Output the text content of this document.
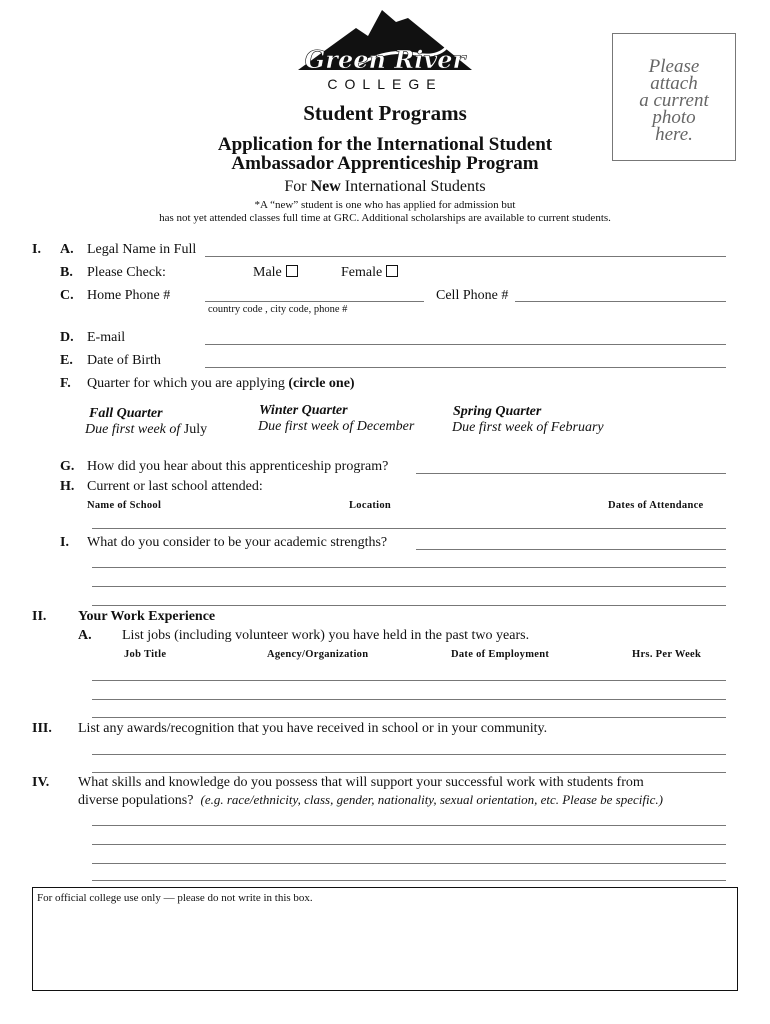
Green River
COLLEGE
Please
attach
a current
photo
here.
Student Programs
Application for the International Student
Ambassador Apprenticeship Program
For New International Students
*A “new” student is one who has applied for admission but
has not yet attended classes full time at GRC. Additional scholarships are available to current students.
I. A. Legal Name in Full
B. Please Check:	Male	Female
C. Home Phone #
country code , city code, phone #
Cell Phone #
D. E-mail
E. Date of Birth
F. Quarter for which you are applying (circle one)
Fall Quarter
Due first week of July
Winter Quarter
Due first week of December
Spring Quarter
Due first week of February
G. How did you hear about this apprenticeship program?
H. Current or last school attended:
Name of School	Location	Dates of Attendance
I. What do you consider to be your academic strengths?
II. Your Work Experience
A. List jobs (including volunteer work) you have held in the past two years.
Job Title	Agency/Organization	Date of Employment	Hrs. Per Week
III. List any awards/recognition that you have received in school or in your community.
IV. What skills and knowledge do you possess that will support your successful work with students from
diverse populations? (e.g. race/ethnicity, class, gender, nationality, sexual orientation, etc. Please be specific.)
For official college use only — please do not write in this box.
